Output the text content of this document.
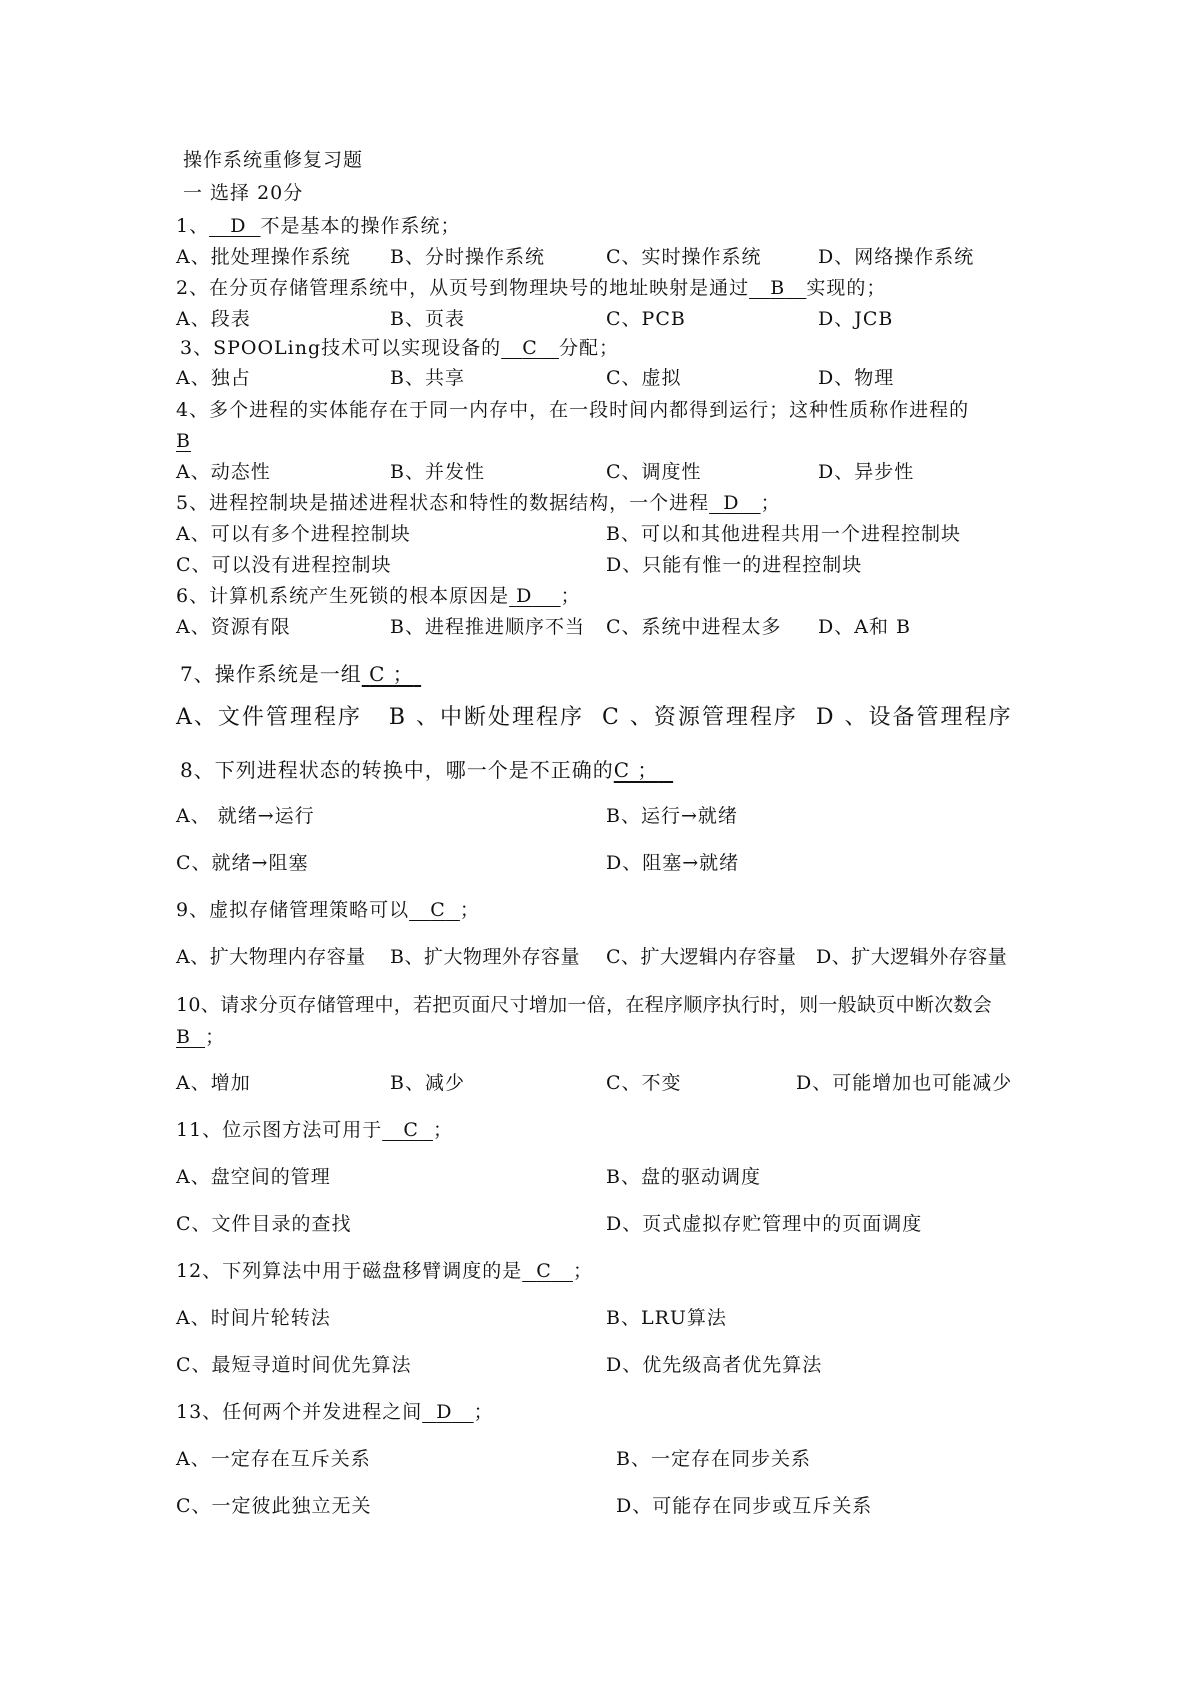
操作系统重修复习题
一 选择 20分
1、 D 不是基本的操作系统；
A、批处理操作系统 B、分时操作系统	C、实时操作系统	D、网络操作系统
2、在分页存储管理系统中，从页号到物理块号的地址映射是通过 B 实现的；
A、段表	B、页表	C、PCB	D、JCB
3、SPOOLing技术可以实现设备的 C 分配；
A、独占	B、共享	C、虚拟	D、物理
4、多个进程的实体能存在于同一内存中，在一段时间内都得到运行；这种性质称作进程的
B
A、动态性	B、并发性	C、调度性	D、异步性
5、进程控制块是描述进程状态和特性的数据结构，一个进程 D ；
A、可以有多个进程控制块	B、可以和其他进程共用一个进程控制块
C、可以没有进程控制块	D、只能有惟一的进程控制块
6、计算机系统产生死锁的根本原因是 D ；
A、资源有限	B、进程推进顺序不当 C、系统中进程太多 D、A和 B
7、操作系统是一组 C ；
A、文件管理程序 B 、中断处理程序 C 、资源管理程序 D 、设备管理程序
8、下列进程状态的转换中，哪一个是不正确的C ；
A、 就绪→运行	B、运行→就绪
C、就绪→阻塞	D、阻塞→就绪
9、虚拟存储管理策略可以 C ；
A、扩大物理内存容量 B、扩大物理外存容量 C、扩大逻辑内存容量 D、扩大逻辑外存容量
10、请求分页存储管理中，若把页面尺寸增加一倍，在程序顺序执行时，则一般缺页中断次数会
B ；
A、增加	B、减少	C、不变	D、可能增加也可能减少
11、位示图方法可用于 C ；
A、盘空间的管理	B、盘的驱动调度
C、文件目录的查找	D、页式虚拟存贮管理中的页面调度
12、下列算法中用于磁盘移臂调度的是 C ；
A、时间片轮转法	B、LRU算法
C、最短寻道时间优先算法	D、优先级高者优先算法
13、任何两个并发进程之间 D ；
A、一定存在互斥关系	B、一定存在同步关系
C、一定彼此独立无关	D、可能存在同步或互斥关系
